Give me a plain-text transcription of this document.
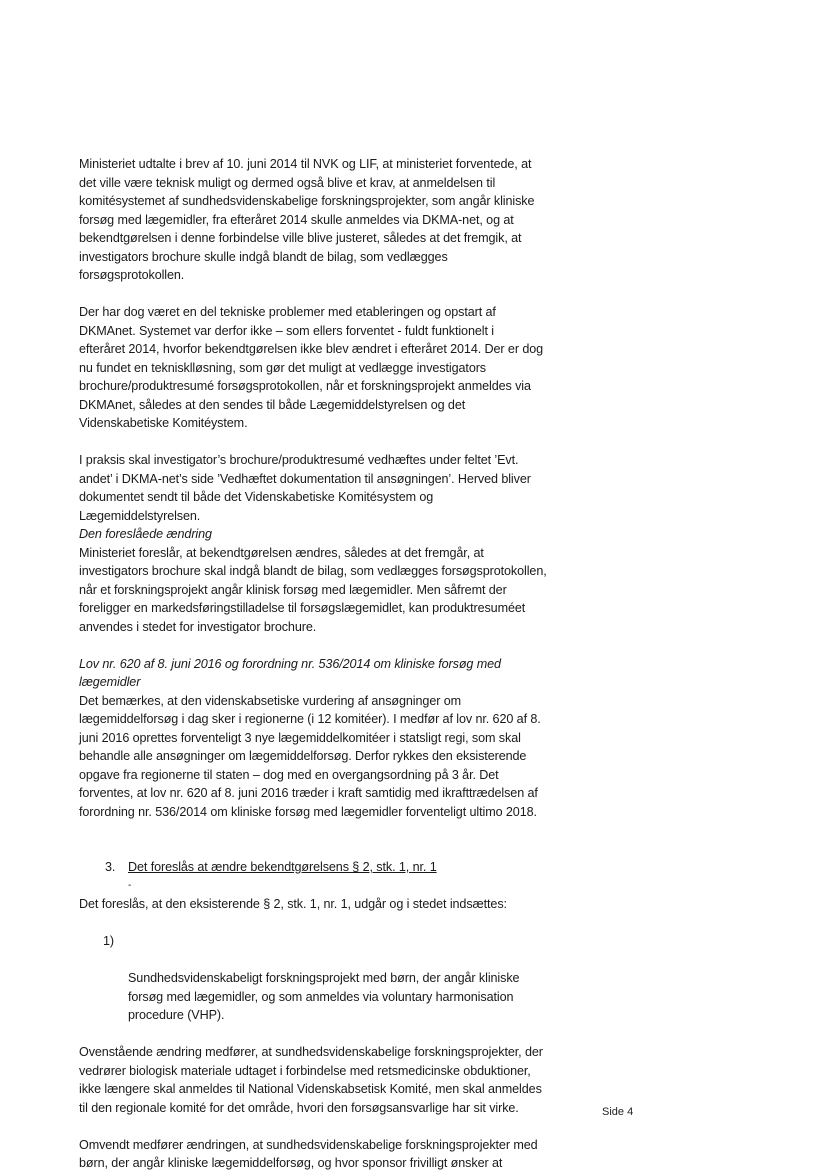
Ministeriet udtalte i brev af 10. juni 2014 til NVK og LIF, at ministeriet forventede, at
det ville være teknisk muligt og dermed også blive et krav, at anmeldelsen til
komitésystemet af sundhedsvidenskabelige forskningsprojekter, som angår kliniske
forsøg med lægemidler, fra efteråret 2014 skulle anmeldes via DKMA-net, og at
bekendtgørelsen i denne forbindelse ville blive justeret, således at det fremgik, at
investigators brochure skulle indgå blandt de bilag, som vedlægges
forsøgsprotokollen.

Der har dog været en del tekniske problemer med etableringen og opstart af
DKMAnet. Systemet var derfor ikke – som ellers forventet - fuldt funktionelt i
efteråret 2014, hvorfor bekendtgørelsen ikke blev ændret i efteråret 2014. Der er dog
nu fundet en teknisklløsning, som gør det muligt at vedlægge investigators
brochure/produktresumé forsøgsprotokollen, når et forskningsprojekt anmeldes via
DKMAnet, således at den sendes til både Lægemiddelstyrelsen og det
Videnskabetiske Komitéystem.

I praksis skal investigator’s brochure/produktresumé vedhæftes under feltet ’Evt.
andet’ i DKMA-net’s side ’Vedhæftet dokumentation til ansøgningen’. Herved bliver
dokumentet sendt til både det Videnskabetiske Komitésystem og
Lægemiddelstyrelsen.

Den foreslåede ændring

Ministeriet foreslår, at bekendtgørelsen ændres, således at det fremgår, at
investigators brochure skal indgå blandt de bilag, som vedlægges forsøgsprotokollen,
når et forskningsprojekt angår klinisk forsøg med lægemidler. Men såfremt der
foreligger en markedsføringstilladelse til forsøgslægemidlet, kan produktresuméet
anvendes i stedet for investigator brochure.

Lov nr. 620 af 8. juni 2016 og forordning nr. 536/2014 om kliniske forsøg med
lægemidler

Det bemærkes, at den videnskabsetiske vurdering af ansøgninger om
lægemiddelforsøg i dag sker i regionerne (i 12 komitéer). I medfør af lov nr. 620 af 8.
juni 2016 oprettes forventeligt 3 nye lægemiddelkomitéer i statsligt regi, som skal
behandle alle ansøgninger om lægemiddelforsøg. Derfor rykkes den eksisterende
opgave fra regionerne til staten – dog med en overgangsordning på 3 år. Det
forventes, at lov nr. 620 af 8. juni 2016 træder i kraft samtidig med ikrafttrædelsen af
forordning nr. 536/2014 om kliniske forsøg med lægemidler forventeligt ultimo 2018.

3. Det foreslås at ændre bekendtgørelsens § 2, stk. 1, nr. 1

-

Det foreslås, at den eksisterende § 2, stk. 1, nr. 1, udgår og i stedet indsættes:

1)

Sundhedsvidenskabeligt forskningsprojekt med børn, der angår kliniske
forsøg med lægemidler, og som anmeldes via voluntary harmonisation
procedure (VHP).

Ovenstående ændring medfører, at sundhedsvidenskabelige forskningsprojekter, der
vedrører biologisk materiale udtaget i forbindelse med retsmedicinske obduktioner,
ikke længere skal anmeldes til National Videnskabsetisk Komité, men skal anmeldes
til den regionale komité for det område, hvori den forsøgsansvarlige har sit virke.

Omvendt medfører ændringen, at sundhedsvidenskabelige forskningsprojekter med
børn, der angår kliniske lægemiddelforsøg, og hvor sponsor frivilligt ønsker at

Side 4
